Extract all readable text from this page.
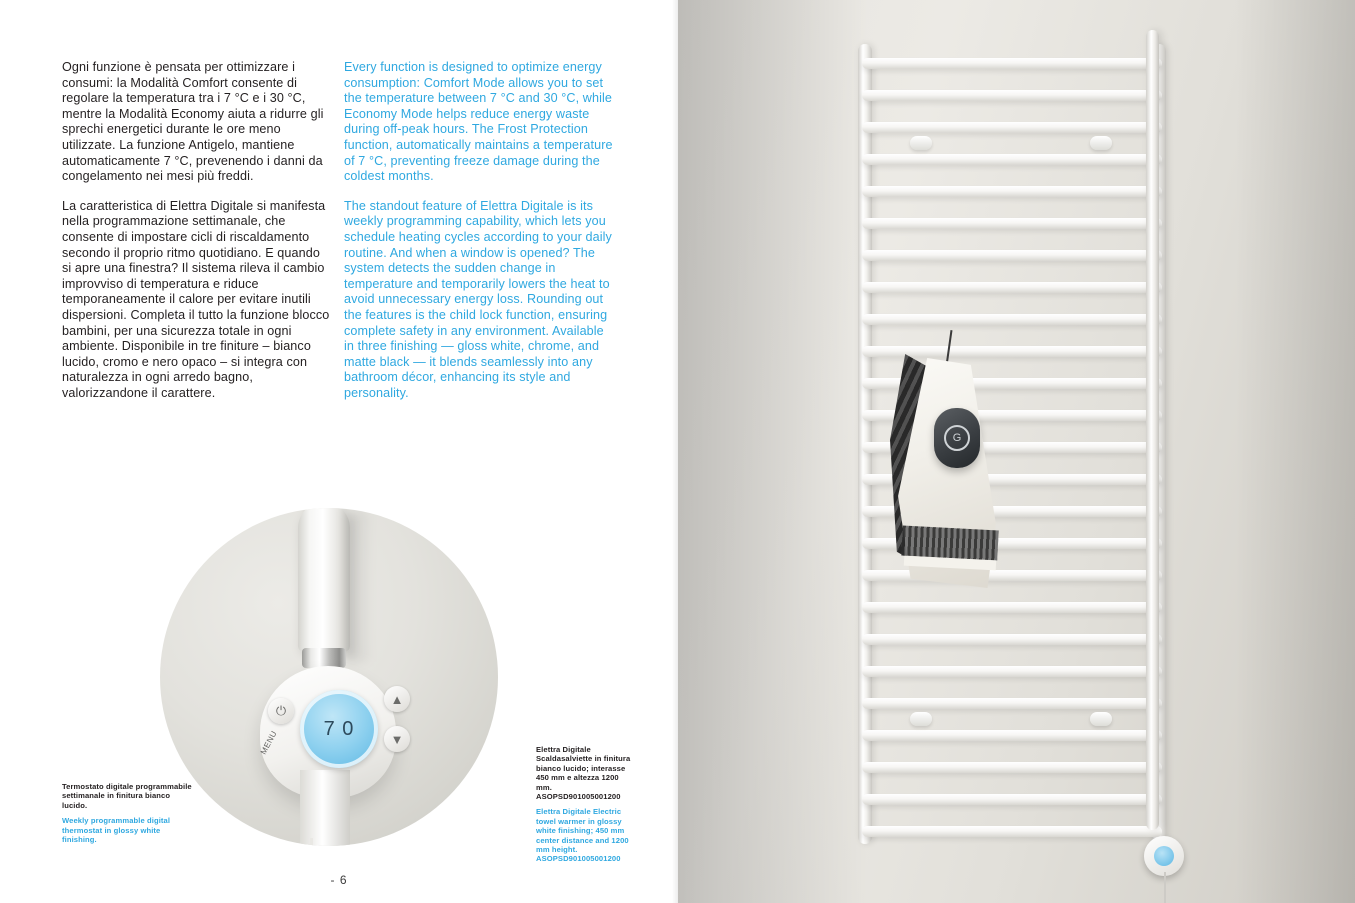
Ogni funzione è pensata per ottimizzare i consumi: la Modalità Comfort consente di regolare la temperatura tra i 7 °C e i 30 °C, mentre la Modalità Economy aiuta a ridurre gli sprechi energetici durante le ore meno utilizzate. La funzione Antigelo, mantiene automaticamente 7 °C, prevenendo i danni da congelamento nei mesi più freddi.

La caratteristica di Elettra Digitale si manifesta nella programmazione settimanale, che consente di impostare cicli di riscaldamento secondo il proprio ritmo quotidiano. E quando si apre una finestra? Il sistema rileva il cambio improvviso di temperatura e riduce temporaneamente il calore per evitare inutili dispersioni. Completa il tutto la funzione blocco bambini, per una sicurezza totale in ogni ambiente. Disponibile in tre finiture – bianco lucido, cromo e nero opaco – si integra con naturalezza in ogni arredo bagno, valorizzandone il carattere.

Every function is designed to optimize energy consumption: Comfort Mode allows you to set the temperature between 7 °C and 30 °C, while Economy Mode helps reduce energy waste during off-peak hours. The Frost Protection function, automatically maintains a temperature of 7 °C, preventing freeze damage during the coldest months.

The standout feature of Elettra Digitale is its weekly programming capability, which lets you schedule heating cycles according to your daily routine. And when a window is opened? The system detects the sudden change in temperature and temporarily lowers the heat to avoid unnecessary energy loss. Rounding out the features is the child lock function, ensuring complete safety in any environment. Available in three finishing — gloss white, chrome, and matte black — it blends seamlessly into any bathroom décor, enhancing its style and personality.

7 0
⏻
▲
▼
MENU
Termostato digitale programmabile settimanale in finitura bianco lucido.
Weekly programmable digital thermostat in glossy white finishing.
Elettra Digitale Scaldasalviette in finitura bianco lucido; interasse 450 mm e altezza 1200 mm.
ASOPSD901005001200
Elettra Digitale Electric towel warmer in glossy white finishing; 450 mm center distance and 1200 mm height.
ASOPSD901005001200
- 6
G
